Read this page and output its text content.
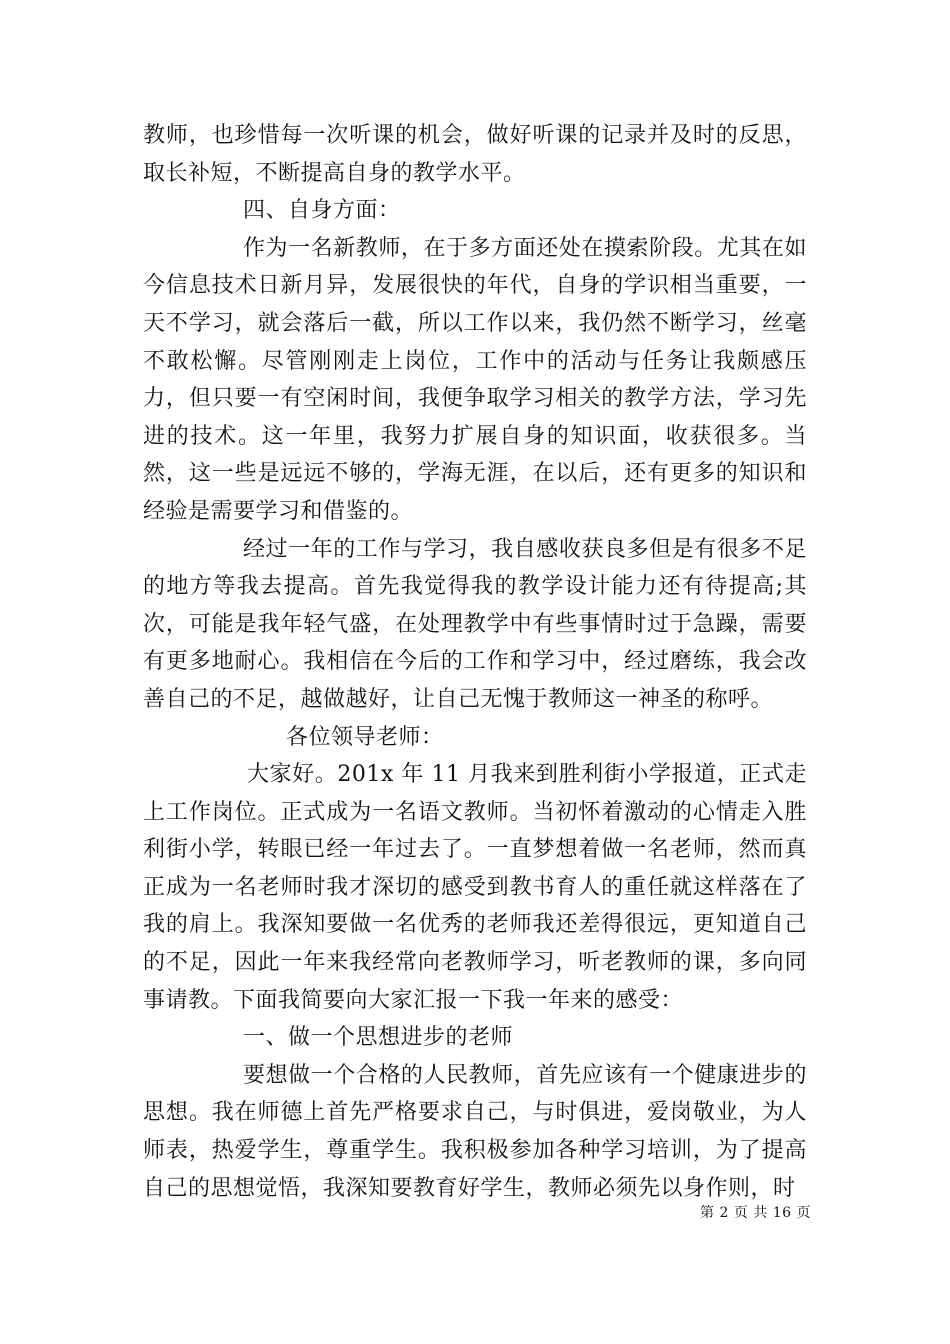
教师，也珍惜每一次听课的机会，做好听课的记录并及时的反思，取长补短，不断提高自身的教学水平。

四、自身方面：

作为一名新教师，在于多方面还处在摸索阶段。尤其在如今信息技术日新月异，发展很快的年代，自身的学识相当重要，一天不学习，就会落后一截，所以工作以来，我仍然不断学习，丝毫不敢松懈。尽管刚刚走上岗位，工作中的活动与任务让我颇感压力，但只要一有空闲时间，我便争取学习相关的教学方法，学习先进的技术。这一年里，我努力扩展自身的知识面，收获很多。当然，这一些是远远不够的，学海无涯，在以后，还有更多的知识和经验是需要学习和借鉴的。

经过一年的工作与学习，我自感收获良多但是有很多不足的地方等我去提高。首先我觉得我的教学设计能力还有待提高;其次，可能是我年轻气盛，在处理教学中有些事情时过于急躁，需要有更多地耐心。我相信在今后的工作和学习中，经过磨练，我会改善自己的不足，越做越好，让自己无愧于教师这一神圣的称呼。

各位领导老师：

大家好。201x 年 11 月我来到胜利街小学报道，正式走上工作岗位。正式成为一名语文教师。当初怀着激动的心情走入胜利街小学，转眼已经一年过去了。一直梦想着做一名老师，然而真正成为一名老师时我才深切的感受到教书育人的重任就这样落在了我的肩上。我深知要做一名优秀的老师我还差得很远，更知道自己的不足，因此一年来我经常向老教师学习，听老教师的课，多向同事请教。下面我简要向大家汇报一下我一年来的感受：

一、做一个思想进步的老师

要想做一个合格的人民教师，首先应该有一个健康进步的思想。我在师德上首先严格要求自己，与时俱进，爱岗敬业，为人师表，热爱学生，尊重学生。我积极参加各种学习培训，为了提高自己的思想觉悟，我深知要教育好学生，教师必须先以身作则，时

第 2 页 共 16 页
